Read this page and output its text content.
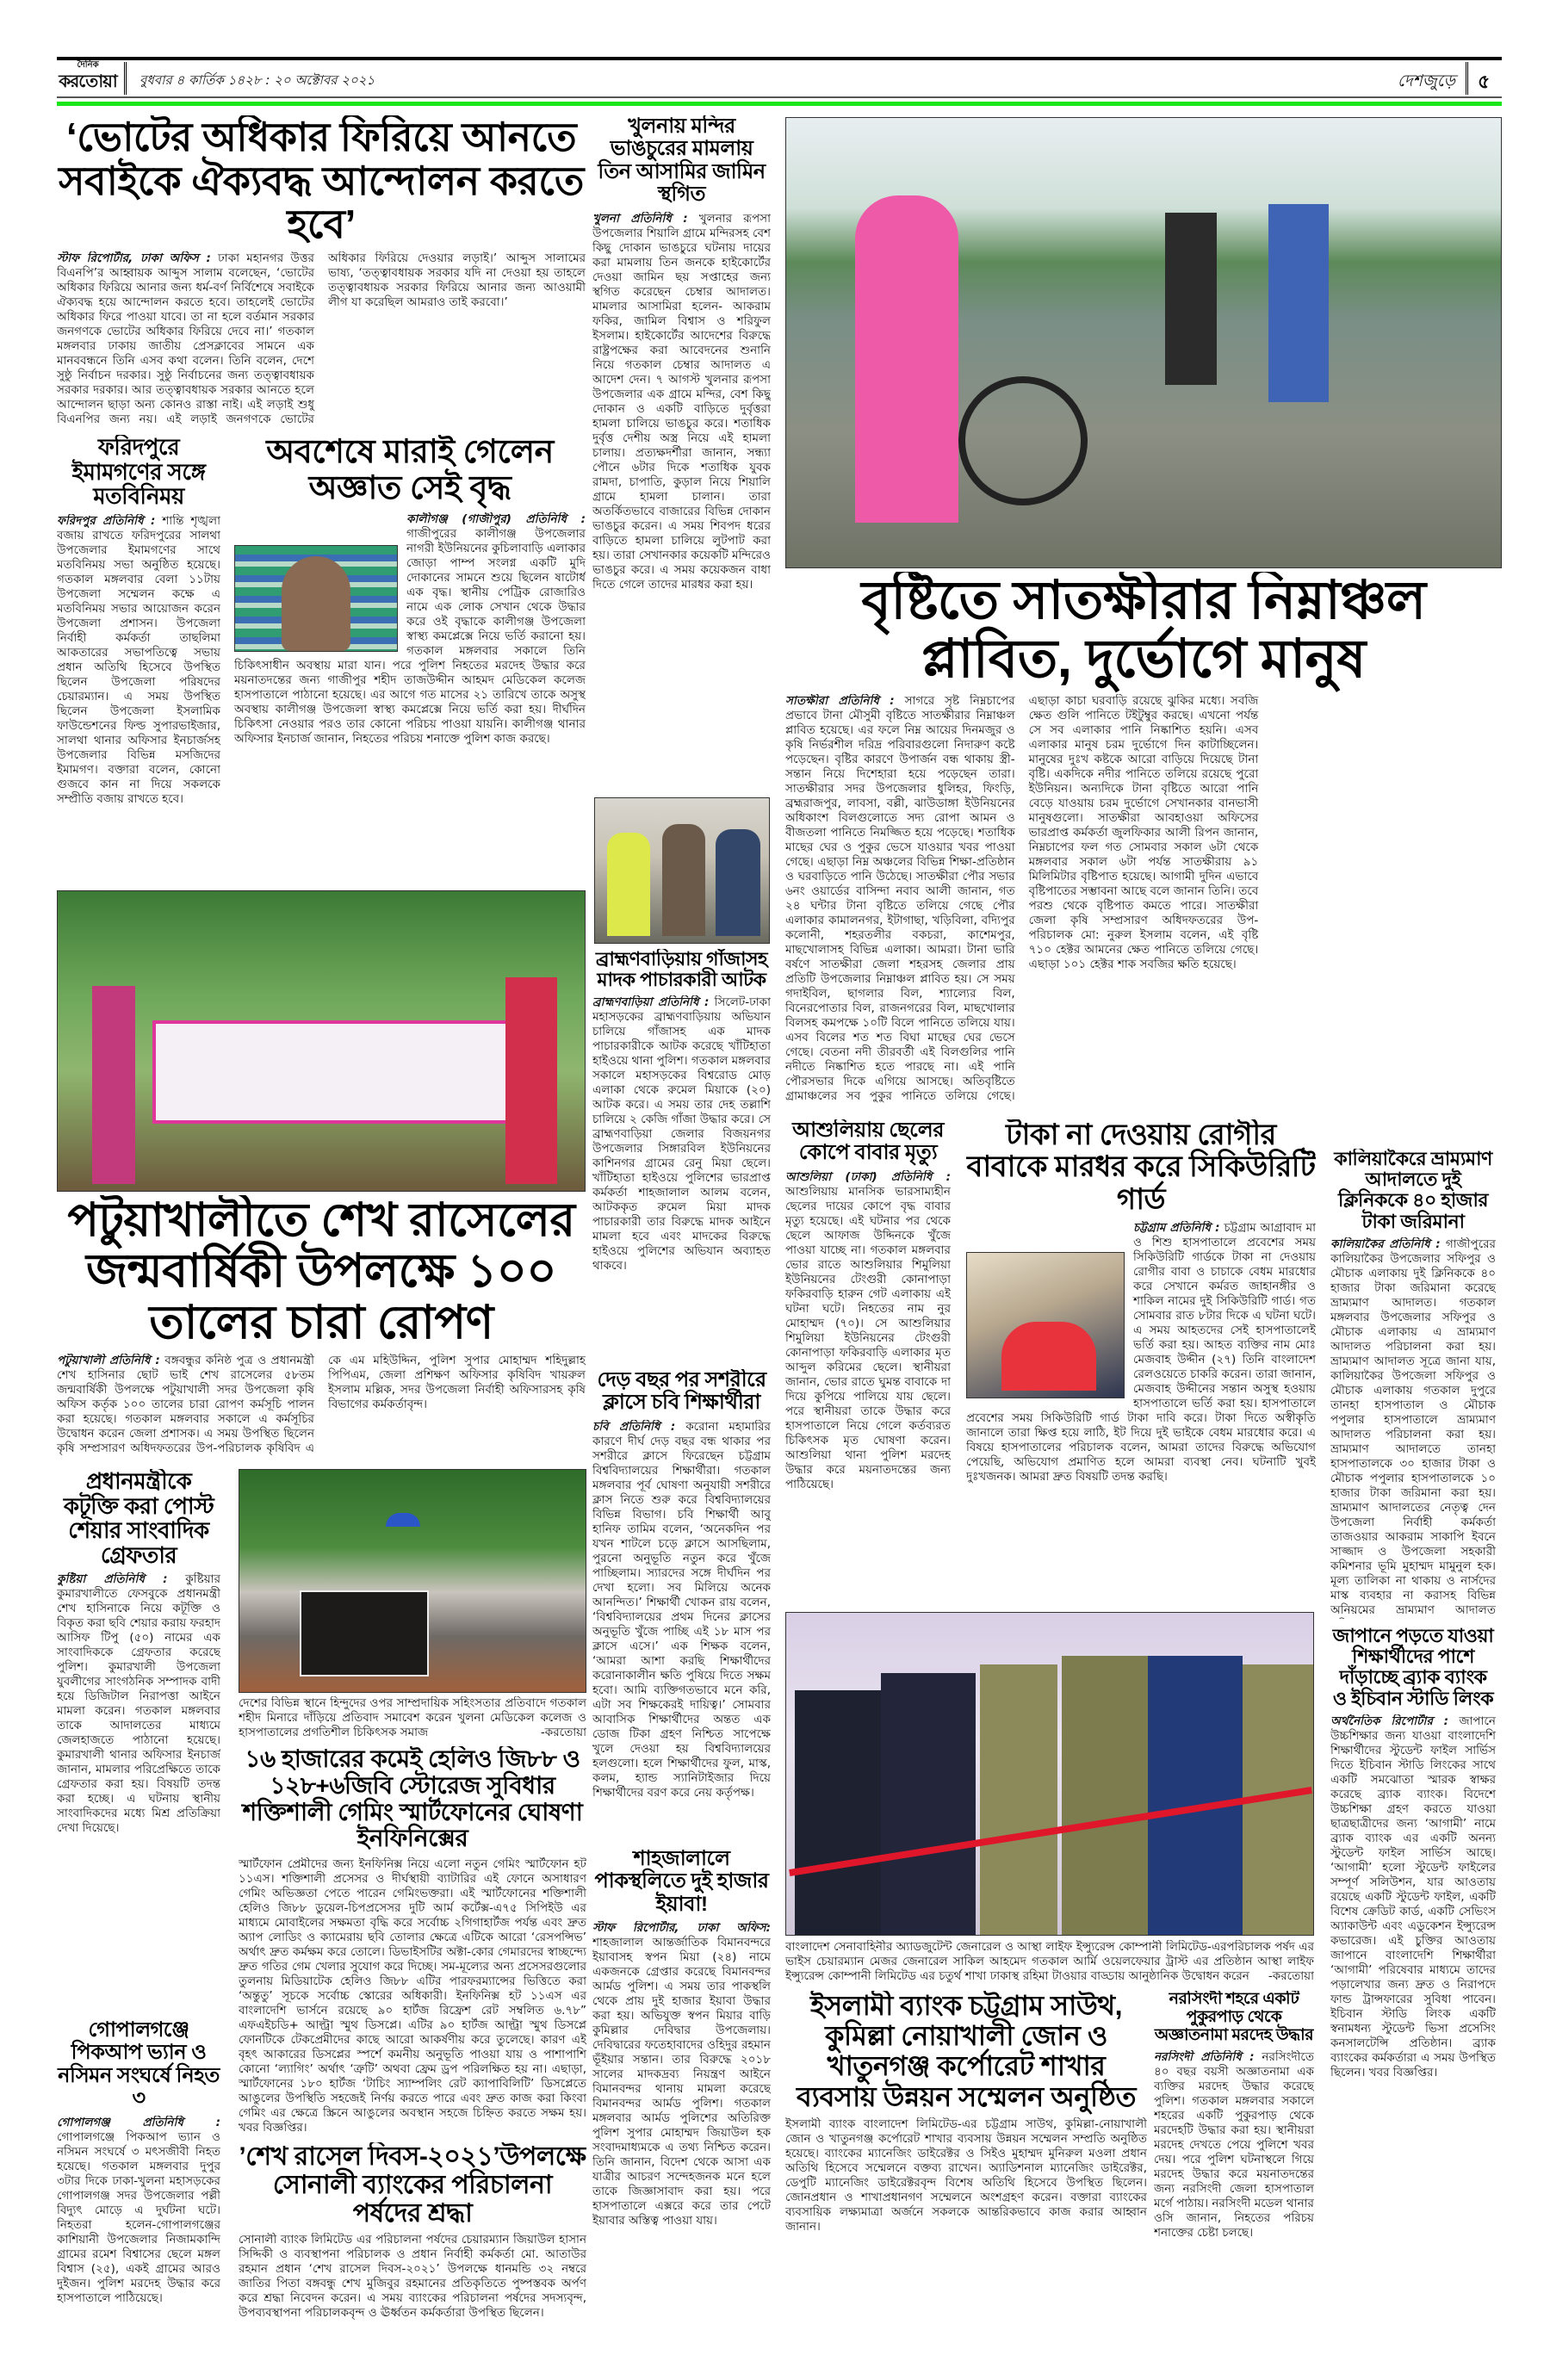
দৈনিক
করতোয়া বুধবার ৪ কার্তিক ১৪২৮ : ২০ অক্টোবর ২০২১	দেশজুড়ে ৫
‘ভোটের অধিকার ফিরিয়ে আনতে সবাইকে ঐক্যবদ্ধ আন্দোলন করতে হবে’
স্টাফ রিপোর্টার, ঢাকা অফিস : ঢাকা মহানগর উত্তর বিএনপি’র আহ্বায়ক আব্দুস সালাম বলেছেন, ‘ভোটের অধিকার ফিরিয়ে আনার জন্য ধর্ম-বর্ণ নির্বিশেষে সবাইকে ঐক্যবদ্ধ হয়ে আন্দোলন করতে হবে। তাহলেই ভোটের অধিকার ফিরে পাওয়া যাবে। তা না হলে বর্তমান সরকার জনগণকে ভোটের অধিকার ফিরিয়ে দেবে না।’ গতকাল মঙ্গলবার ঢাকায় জাতীয় প্রেসক্লাবের সামনে এক মানববন্ধনে তিনি এসব কথা বলেন। তিনি বলেন, দেশে সুষ্ঠু নির্বাচন দরকার। সুষ্ঠু নির্বাচনের জন্য তত্ত্বাবধায়ক সরকার দরকার। আর তত্ত্বাবধায়ক সরকার আনতে হলে আন্দোলন ছাড়া অন্য কোনও রাস্তা নাই। এই লড়াই শুধু বিএনপির জন্য নয়। এই লড়াই জনগণকে ভোটের অধিকার ফিরিয়ে দেওয়ার লড়াই।’ আব্দুস সালামের ভাষ্য, ‘তত্ত্বাবধায়ক সরকার যদি না দেওয়া হয় তাহলে তত্ত্বাবধায়ক সরকার ফিরিয়ে আনার জন্য আওয়ামী লীগ যা করেছিল আমরাও তাই করবো।’
খুলনায় মন্দির ভাঙচুরের মামলায় তিন আসামির জামিন স্থগিত
খুলনা প্রতিনিধি : খুলনার রূপসা উপজেলার শিয়ালি গ্রামে মন্দিরসহ বেশ কিছু দোকান ভাঙচুরে ঘটনায় দায়ের করা মামলায় তিন জনকে হাইকোর্টের দেওয়া জামিন ছয় সপ্তাহের জন্য স্থগিত করেছেন চেম্বার আদালত। মামলার আসামিরা হলেন- আকরাম ফকির, জামিল বিশ্বাস ও শরিফুল ইসলাম। হাইকোর্টের আদেশের বিরুদ্ধে রাষ্ট্রপক্ষের করা আবেদনের শুনানি নিয়ে গতকাল চেম্বার আদালত এ আদেশ দেন। ৭ আগস্ট খুলনার রূপসা উপজেলার এক গ্রামে মন্দির, বেশ কিছু দোকান ও একটি বাড়িতে দুর্বৃত্তরা হামলা চালিয়ে ভাঙচুর করে। শতাধিক দুর্বৃত্ত দেশীয় অস্ত্র নিয়ে এই হামলা চালায়। প্রত্যক্ষদর্শীরা জানান, সন্ধ্যা পৌনে ৬টার দিকে শতাধিক যুবক রামদা, চাপাতি, কুড়াল নিয়ে শিয়ালি গ্রামে হামলা চালান। তারা অতর্কিতভাবে বাজারের বিভিন্ন দোকান ভাঙচুর করেন। এ সময় শিবপদ ধরের বাড়িতে হামলা চালিয়ে লুটপাট করা হয়। তারা সেখানকার কয়েকটি মন্দিরেও ভাঙচুর করে। এ সময় কয়েকজন বাধা দিতে গেলে তাদের মারধর করা হয়।
ফরিদপুরে ইমামগণের সঙ্গে মতবিনিময়
ফরিদপুর প্রতিনিধি : শান্তি শৃঙ্খলা বজায় রাখতে ফরিদপুরের সালথা উপজেলার ইমামগণের সাথে মতবিনিময় সভা অনুষ্ঠিত হয়েছে। গতকাল মঙ্গলবার বেলা ১১টায় উপজেলা সম্মেলন কক্ষে এ মতবিনিময় সভার আয়োজন করেন উপজেলা প্রশাসন। উপজেলা নির্বাহী কর্মকর্তা তাছলিমা আকতারের সভাপতিত্বে সভায় প্রধান অতিথি হিসেবে উপস্থিত ছিলেন উপজেলা পরিষদের চেয়ারম্যান। এ সময় উপস্থিত ছিলেন উপজেলা ইসলামিক ফাউন্ডেশনের ফিল্ড সুপারভাইজার, সালথা থানার অফিসার ইনচার্জসহ উপজেলার বিভিন্ন মসজিদের ইমামগণ। বক্তারা বলেন, কোনো গুজবে কান না দিয়ে সকলকে সম্প্রীতি বজায় রাখতে হবে।
অবশেষে মারাই গেলেন অজ্ঞাত সেই বৃদ্ধ
কালীগঞ্জ (গাজীপুর) প্রতিনিধি : গাজীপুরের কালীগঞ্জ উপজেলার নাগরী ইউনিয়নের কুচিলাবাড়ি এলাকার জোড়া পাম্প সংলগ্ন একটি মুদি দোকানের সামনে শুয়ে ছিলেন ষাটোর্ধ এক বৃদ্ধ। স্থানীয় পেট্রিক রোজারিও নামে এক লোক সেখান থেকে উদ্ধার করে ওই বৃদ্ধাকে কালীগঞ্জ উপজেলা স্বাস্থ্য কমপ্লেক্সে নিয়ে ভর্তি করানো হয়। গতকাল মঙ্গলবার সকালে তিনি চিকিৎসাধীন অবস্থায় মারা যান। পরে পুলিশ নিহতের মরদেহ উদ্ধার করে ময়নাতদন্তের জন্য গাজীপুর শহীদ তাজউদ্দীন আহমদ মেডিকেল কলেজ হাসপাতালে পাঠানো হয়েছে। এর আগে গত মাসের ২১ তারিখে তাকে অসুস্থ অবস্থায় কালীগঞ্জ উপজেলা স্বাস্থ্য কমপ্লেক্সে নিয়ে ভর্তি করা হয়। দীর্ঘদিন চিকিৎসা নেওয়ার পরও তার কোনো পরিচয় পাওয়া যায়নি। কালীগঞ্জ থানার অফিসার ইনচার্জ জানান, নিহতের পরিচয় শনাক্তে পুলিশ কাজ করছে।
বৃষ্টিতে সাতক্ষীরার নিম্নাঞ্চল প্লাবিত, দুর্ভোগে মানুষ
সাতক্ষীরা প্রতিনিধি : সাগরে সৃষ্ট নিম্নচাপের প্রভাবে টানা মৌসুমী বৃষ্টিতে সাতক্ষীরার নিম্নাঞ্চল প্লাবিত হয়েছে। এর ফলে নিম্ন আয়ের দিনমজুর ও কৃষি নির্ভরশীল দরিদ্র পরিবারগুলো নিদারুণ কষ্টে পড়েছেন। বৃষ্টির কারণে উপার্জন বন্ধ থাকায় স্ত্রী-সন্তান নিয়ে দিশেহারা হয়ে পড়েছেন তারা। সাতক্ষীরার সদর উপজেলার ধুলিহর, ফিংড়ি, ব্রহ্মরাজপুর, লাবসা, বল্লী, ঝাউডাঙ্গা ইউনিয়নের অধিকাংশ বিলগুলোতে সদ্য রোপা আমন ও বীজতলা পানিতে নিমজ্জিত হয়ে পড়েছে। শতাধিক মাছের ঘের ও পুকুর ভেসে যাওয়ার খবর পাওয়া গেছে। এছাড়া নিম্ন অঞ্চলের বিভিন্ন শিক্ষা-প্রতিষ্ঠান ও ঘরবাড়িতে পানি উঠেছে। সাতক্ষীরা পৌর সভার ৬নং ওয়ার্ডের বাসিন্দা নবাব আলী জানান, গত ২৪ ঘন্টার টানা বৃষ্টিতে তলিয়ে গেছে পৌর এলাকার কামালনগর, ইটাগাছা, খড়িবিলা, বদ্যিপুর কলোনী, শহরতলীর বকচরা, কাশেমপুর, মাছখোলাসহ বিভিন্ন এলাকা। আমরা। টানা ভারি বর্ষণে সাতক্ষীরা জেলা শহরসহ জেলার প্রায় প্রতিটি উপজেলার নিম্নাঞ্চল প্লাবিত হয়। সে সময় গদাইবিল, ছাগলার বিল, শ্যাল্যের বিল, বিনেরপোতার বিল, রাজনগরের বিল, মাছখোলার বিলসহ কমপক্ষে ১০টি বিলে পানিতে তলিয়ে যায়। এসব বিলের শত শত বিঘা মাছের ঘের ভেসে গেছে। বেতনা নদী তীরবর্তী এই বিলগুলির পানি নদীতে নিষ্কাশিত হতে পারছে না। এই পানি পৌরসভার দিকে এগিয়ে আসছে। অতিবৃষ্টিতে গ্রামাঞ্চলের সব পুকুর পানিতে তলিয়ে গেছে। এছাড়া কাচা ঘরবাড়ি রয়েছে ঝুকির মধ্যে। সবজি ক্ষেত গুলি পানিতে টইটুম্বুর করছে। এখনো পর্যন্ত সে সব এলাকার পানি নিষ্কাশিত হয়নি। এসব এলাকার মানুষ চরম দুর্ভোগে দিন কাটাচ্ছিলেন। মানুষের দুঃখ কষ্টকে আরো বাড়িয়ে দিয়েছে টানা বৃষ্টি। একদিকে নদীর পানিতে তলিয়ে রয়েছে পুরো ইউনিয়ন। অন্যদিকে টানা বৃষ্টিতে আরো পানি বেড়ে যাওয়ায় চরম দুর্ভোগে সেখানকার বানভাসী মানুষগুলো। সাতক্ষীরা আবহাওয়া অফিসের ভারপ্রাপ্ত কর্মকর্তা জুলফিকার আলী রিপন জানান, নিম্নচাপের ফল গত সোমবার সকাল ৬টা থেকে মঙ্গলবার সকাল ৬টা পর্যন্ত সাতক্ষীরায় ৯১ মিলিমিটার বৃষ্টিপাত হয়েছে। আগামী দুদিন এভাবে বৃষ্টিপাতের সম্ভাবনা আছে বলে জানান তিনি। তবে পরশু থেকে বৃষ্টিপাত কমতে পারে। সাতক্ষীরা জেলা কৃষি সম্প্রসারণ অধিদফতরের উপ-পরিচালক মো: নুরুল ইসলাম বলেন, এই বৃষ্টি ৭১০ হেক্টর আমনের ক্ষেত পানিতে তলিয়ে গেছে। এছাড়া ১০১ হেক্টর শাক সবজির ক্ষতি হয়েছে।
ব্রাহ্মণবাড়িয়ায় গাঁজাসহ মাদক পাচারকারী আটক
ব্রাহ্মণবাড়িয়া প্রতিনিধি : সিলেট-ঢাকা মহাসড়কের ব্রাহ্মণবাড়িয়ায় অভিযান চালিয়ে গাঁজাসহ এক মাদক পাচারকারীকে আটক করেছে খাঁটিহাতা হাইওয়ে থানা পুলিশ। গতকাল মঙ্গলবার সকালে মহাসড়কের বিশ্বরোড মোড় এলাকা থেকে রুমেল মিয়াকে (২০) আটক করে। এ সময় তার দেহ তল্লাশি চালিয়ে ২ কেজি গাঁজা উদ্ধার করে। সে ব্রাহ্মণবাড়িয়া জেলার বিজয়নগর উপজেলার সিঙ্গারবিল ইউনিয়নের কাশিনগর গ্রামের রেনু মিয়া ছেলে। খাঁটিহাতা হাইওয়ে পুলিশের ভারপ্রাপ্ত কর্মকর্তা শাহজালাল আলম বলেন, আটককৃত রুমেল মিয়া মাদক পাচারকারী তার বিরুদ্ধে মাদক আইনে মামলা হবে এবং মাদকের বিরুদ্ধে হাইওয়ে পুলিশের অভিযান অব্যাহত থাকবে।
পটুয়াখালীতে শেখ রাসেলের জন্মবার্ষিকী উপলক্ষে ১০০ তালের চারা রোপণ
পটুয়াখালী প্রতিনিধি : বঙ্গবন্ধুর কনিষ্ঠ পুত্র ও প্রধানমন্ত্রী শেখ হাসিনার ছোট ভাই শেখ রাসেলের ৫৮তম জন্মবার্ষিকী উপলক্ষে পটুয়াখালী সদর উপজেলা কৃষি অফিস কর্তৃক ১০০ তালের চারা রোপণ কর্মসূচি পালন করা হয়েছে। গতকাল মঙ্গলবার সকালে এ কর্মসূচির উদ্বোধন করেন জেলা প্রশাসক। এ সময় উপস্থিত ছিলেন কৃষি সম্প্রসারণ অধিদফতরের উপ-পরিচালক কৃষিবিদ এ কে এম মহিউদ্দিন, পুলিশ সুপার মোহাম্মদ শহিদুল্লাহ পিপিএম, জেলা প্রশিক্ষণ অফিসার কৃষিবিদ খায়রুল ইসলাম মল্লিক, সদর উপজেলা নির্বাহী অফিসারসহ কৃষি বিভাগের কর্মকর্তাবৃন্দ।
দেড় বছর পর সশরীরে ক্লাসে চবি শিক্ষার্থীরা
চবি প্রতিনিধি : করোনা মহামারির কারণে দীর্ঘ দেড় বছর বন্ধ থাকার পর সশরীরে ক্লাসে ফিরেছেন চট্টগ্রাম বিশ্ববিদ্যালয়ের শিক্ষার্থীরা। গতকাল মঙ্গলবার পূর্ব ঘোষণা অনুযায়ী সশরীরে ক্লাস নিতে শুরু করে বিশ্ববিদ্যালয়ের বিভিন্ন বিভাগ। চবি শিক্ষার্থী আবু হানিফ তামিম বলেন, ‘অনেকদিন পর যখন শাটলে চড়ে ক্লাসে আসছিলাম, পুরনো অনুভূতি নতুন করে খুঁজে পাচ্ছিলাম। স্যারদের সঙ্গে দীর্ঘদিন পর দেখা হলো। সব মিলিয়ে অনেক আনন্দিত।’ শিক্ষার্থী খোকন রায় বলেন, ‘বিশ্ববিদ্যালয়ের প্রথম দিনের ক্লাসের অনুভূতি খুঁজে পাচ্ছি এই ১৮ মাস পর ক্লাসে এসে।’ এক শিক্ষক বলেন, ‘আমরা আশা করছি শিক্ষার্থীদের করোনাকালীন ক্ষতি পুষিয়ে দিতে সক্ষম হবো। আমি ব্যক্তিগতভাবে মনে করি, এটা সব শিক্ষকেরই দায়িত্ব।’ সোমবার আবাসিক শিক্ষার্থীদের অন্তত এক ডোজ টিকা গ্রহণ নিশ্চিত সাপেক্ষে খুলে দেওয়া হয় বিশ্ববিদ্যালয়ের হলগুলো। হলে শিক্ষার্থীদের ফুল, মাস্ক, কলম, হ্যান্ড স্যানিটাইজার দিয়ে শিক্ষার্থীদের বরণ করে নেয় কর্তৃপক্ষ।
শাহজালালে পাকস্থলিতে দুই হাজার ইয়াবা!
স্টাফ রিপোর্টার, ঢাকা অফিস: শাহজালাল আন্তর্জাতিক বিমানবন্দরে ইয়াবাসহ স্বপন মিয়া (২৪) নামে একজনকে গ্রেপ্তার করেছে বিমানবন্দর আর্মড পুলিশ। এ সময় তার পাকস্থলি থেকে প্রায় দুই হাজার ইয়াবা উদ্ধার করা হয়। অভিযুক্ত স্বপন মিয়ার বাড়ি কুমিল্লার দেবিদ্বার উপজেলায়। দেবিদ্বারের ফতেহাবাদের ওহিদুর রহমান ভূঁইয়ার সন্তান। তার বিরুদ্ধে ২০১৮ সালের মাদকদ্রব্য নিয়ন্ত্রণ আইনে বিমানবন্দর থানায় মামলা করেছে বিমানবন্দর আর্মড পুলিশ। গতকাল মঙ্গলবার আর্মড পুলিশের অতিরিক্ত পুলিশ সুপার মোহাম্মদ জিয়াউল হক সংবাদমাধ্যমকে এ তথ্য নিশ্চিত করেন। তিনি জানান, বিদেশ থেকে আসা এক যাত্রীর আচরণ সন্দেহজনক মনে হলে তাকে জিজ্ঞাসাবাদ করা হয়। পরে হাসপাতালে এক্সরে করে তার পেটে ইয়াবার অস্তিত্ব পাওয়া যায়।
প্রধানমন্ত্রীকে কটূক্তি করা পোস্ট শেয়ার সাংবাদিক গ্রেফতার
কুষ্টিয়া প্রতিনিধি : কুষ্টিয়ার কুমারখালীতে ফেসবুকে প্রধানমন্ত্রী শেখ হাসিনাকে নিয়ে কটূক্তি ও বিকৃত করা ছবি শেয়ার করায় ফরহাদ আসিফ টিপু (৫০) নামের এক সাংবাদিককে গ্রেফতার করেছে পুলিশ। কুমারখালী উপজেলা যুবলীগের সাংগঠনিক সম্পাদক বাদী হয়ে ডিজিটাল নিরাপত্তা আইনে মামলা করেন। গতকাল মঙ্গলবার তাকে আদালতের মাধ্যমে জেলহাজতে পাঠানো হয়েছে। কুমারখালী থানার অফিসার ইনচার্জ জানান, মামলার পরিপ্রেক্ষিতে তাকে গ্রেফতার করা হয়। বিষয়টি তদন্ত করা হচ্ছে। এ ঘটনায় স্থানীয় সাংবাদিকদের মধ্যে মিশ্র প্রতিক্রিয়া দেখা দিয়েছে।
গোপালগঞ্জে পিকআপ ভ্যান ও নসিমন সংঘর্ষে নিহত ৩
গোপালগঞ্জ প্রতিনিধি : গোপালগঞ্জে পিকআপ ভ্যান ও নসিমন সংঘর্ষে ৩ মৎসজীবী নিহত হয়েছে। গতকাল মঙ্গলবার দুপুর ৩টার দিকে ঢাকা-খুলনা মহাসড়কের গোপালগঞ্জ সদর উপজেলার পল্লী বিদ্যুৎ মোড়ে এ দুর্ঘটনা ঘটে। নিহতরা হলেন-গোপালগঞ্জের কাশিয়ানী উপজেলার নিজামকান্দি গ্রামের রমেশ বিশ্বাসের ছেলে মঙ্গল বিশ্বাস (২৫), একই গ্রামের আরও দুইজন। পুলিশ মরদেহ উদ্ধার করে হাসপাতালে পাঠিয়েছে।
দেশের বিভিন্ন স্থানে হিন্দুদের ওপর সাম্প্রদায়িক সহিংসতার প্রতিবাদে গতকাল শহীদ মিনারে দাঁড়িয়ে প্রতিবাদ সমাবেশ করেন খুলনা মেডিকেল কলেজ ও হাসপাতালের প্রগতিশীল চিকিৎসক সমাজ	-করতোয়া
১৬ হাজারের কমেই হেলিও জি৮৮ ও ১২৮+৬জিবি স্টোরেজ সুবিধার শক্তিশালী গেমিং স্মার্টফোনের ঘোষণা ইনফিনিক্সের
স্মার্টফোন প্রেমীদের জন্য ইনফিনিক্স নিয়ে এলো নতুন গেমিং স্মার্টফোন হট ১১এস। শক্তিশালী প্রসেসর ও দীর্ঘস্থায়ী ব্যাটারির এই ফোনে অসাধারণ গেমিং অভিজ্ঞতা পেতে পারেন গেমিংভক্তরা। এই স্মার্টফোনের শক্তিশালী হেলিও জি৮৮ ডুয়েল-চিপপ্রসেসর দুটি আর্ম কর্টেক্স-এ৭৫ সিপিইউ এর মাধ্যমে মোবাইলের সক্ষমতা বৃদ্ধি করে সর্বোচ্চ ২গিগাহার্টজ পর্যন্ত এবং দ্রুত অ্যাপ লোডিং ও ক্যামেরায় ছবি তোলার ক্ষেত্রে এটিকে আরো ‘রেসপন্সিভ’ অর্থাৎ দ্রুত কর্মক্ষম করে তোলে। ডিভাইসটির অক্টা-কোর গেমারদের স্বাচ্ছন্দ্যে দ্রুত গতির গেম খেলার সুযোগ করে দিচ্ছে। সম-মূল্যের অন্য প্রসেসরগুলোর তুলনায় মিডিয়াটেক হেলিও জি৮৮ এটির পারফরম্যান্সের ভিত্তিতে করা ‘অন্তুতু’ সূচকে সর্বোচ্চ স্কোরের অধিকারী। ইনফিনিক্স হট ১১এস এর বাংলাদেশি ভার্সনে রয়েছে ৯০ হার্টজ রিফ্রেশ রেট সম্বলিত ৬.৭৮” এফএইচডি+ আল্ট্রা স্মুথ ডিসপ্লে। এটির ৯০ হার্টজ আল্ট্রা স্মুথ ডিসপ্লে ফোনটিকে টেকপ্রেমীদের কাছে আরো আকর্ষণীয় করে তুলেছে। কারণ এই বৃহৎ আকারের ডিসপ্লের স্পর্শে কমনীয় অনুভূতি পাওয়া যায় ও পাশাপাশি কোনো ‘ল্যাগিং’ অর্থাৎ ‘ত্রুটি’ অথবা ফ্রেম ড্রপ পরিলক্ষিত হয় না। এছাড়া, স্মার্টফোনের ১৮০ হার্টজ ‘টাচিং স্যাম্পলিং রেট ক্যাপাবিলিটি’ ডিসপ্লেতে আঙুলের উপস্থিতি সহজেই নির্ণয় করতে পারে এবং দ্রুত কাজ করা কিংবা গেমিং এর ক্ষেত্রে স্ক্রিনে আঙুলের অবস্থান সহজে চিহ্নিত করতে সক্ষম হয়। খবর বিজ্ঞপ্তির।
’শেখ রাসেল দিবস-২০২১’উপলক্ষে সোনালী ব্যাংকের পরিচালনা পর্ষদের শ্রদ্ধা
সোনালী ব্যাংক লিমিটেড এর পরিচালনা পর্ষদের চেয়ারম্যান জিয়াউল হাসান সিদ্দিকী ও ব্যবস্থাপনা পরিচালক ও প্রধান নির্বাহী কর্মকর্তা মো. আতাউর রহমান প্রধান ‘শেখ রাসেল দিবস-২০২১’ উপলক্ষে ধানমন্ডি ৩২ নম্বরে জাতির পিতা বঙ্গবন্ধু শেখ মুজিবুর রহমানের প্রতিকৃতিতে পুষ্পস্তবক অর্পণ করে শ্রদ্ধা নিবেদন করেন। এ সময় ব্যাংকের পরিচালনা পর্ষদের সদস্যবৃন্দ, উপব্যবস্থাপনা পরিচালকবৃন্দ ও ঊর্ধ্বতন কর্মকর্তারা উপস্থিত ছিলেন।
আশুলিয়ায় ছেলের কোপে বাবার মৃত্যু
আশুলিয়া (ঢাকা) প্রতিনিধি : আশুলিয়ায় মানসিক ভারসাম্যহীন ছেলের দায়ের কোপে বৃদ্ধ বাবার মৃত্যু হয়েছে। এই ঘটনার পর থেকে ছেলে আফাজ উদ্দিনকে খুঁজে পাওয়া যাচ্ছে না। গতকাল মঙ্গলবার ভোর রাতে আশুলিয়ার শিমুলিয়া ইউনিয়নের টেংগুরী কোনাপাড়া ফকিরবাড়ি হারুন গেট এলাকায় এই ঘটনা ঘটে। নিহতের নাম নুর মোহাম্মদ (৭০)। সে আশুলিয়ার শিমুলিয়া ইউনিয়নের টেংগুরী কোনাপাড়া ফকিরবাড়ি এলাকার মৃত আব্দুল করিমের ছেলে। স্থানীয়রা জানান, ভোর রাতে ঘুমন্ত বাবাকে দা দিয়ে কুপিয়ে পালিয়ে যায় ছেলে। পরে স্থানীয়রা তাকে উদ্ধার করে হাসপাতালে নিয়ে গেলে কর্তব্যরত চিকিৎসক মৃত ঘোষণা করেন। আশুলিয়া থানা পুলিশ মরদেহ উদ্ধার করে ময়নাতদন্তের জন্য পাঠিয়েছে।
টাকা না দেওয়ায় রোগীর বাবাকে মারধর করে সিকিউরিটি গার্ড
চট্টগ্রাম প্রতিনিধি : চট্টগ্রাম আগ্রাবাদ মা ও শিশু হাসপাতালে প্রবেশের সময় সিকিউরিটি গার্ডকে টাকা না দেওয়ায় রোগীর বাবা ও চাচাকে বেধম মারধোর করে সেখানে কর্মরত জাহানঙ্গীর ও শাকিল নামের দুই সিকিউরিটি গার্ড। গত সোমবার রাত ৮টার দিকে এ ঘটনা ঘটে। এ সময় আহতদের সেই হাসপাতালেই ভর্তি করা হয়। আহত ব্যক্তির নাম মোঃ মেজবাহ উদ্দীন (২৭) তিনি বাংলাদেশ রেলওয়েতে চাকরি করেন। তারা জানান, মেজবাহ উদ্দীনের সন্তান অসুস্থ হওয়ায় হাসপাতালে ভর্তি করা হয়। হাসপাতালে প্রবেশের সময় সিকিউরিটি গার্ড টাকা দাবি করে। টাকা দিতে অস্বীকৃতি জানালে তারা ক্ষিপ্ত হয়ে লাঠি, ইট দিয়ে দুই ভাইকে বেধম মারধোর করে। এ বিষয়ে হাসপাতালের পরিচালক বলেন, আমরা তাদের বিরুদ্ধে অভিযোগ পেয়েছি, অভিযোগ প্রমাণিত হলে আমরা ব্যবস্থা নেব। ঘটনাটি খুবই দুঃখজনক। আমরা দ্রুত বিষয়টি তদন্ত করছি।
কালিয়াকৈরে ভ্রাম্যমাণ আদালতে দুই ক্লিনিককে ৪০ হাজার টাকা জরিমানা
কালিয়াকৈর প্রতিনিধি : গাজীপুরের কালিয়াকৈর উপজেলার সফিপুর ও মৌচাক এলাকায় দুই ক্লিনিককে ৪০ হাজার টাকা জরিমানা করেছে ভ্রাম্যমাণ আদালত। গতকাল মঙ্গলবার উপজেলার সফিপুর ও মৌচাক এলাকায় এ ভ্রাম্যমাণ আদালত পরিচালনা করা হয়। ভ্রাম্যমাণ আদালত সূত্রে জানা যায়, কালিয়াকৈর উপজেলা সফিপুর ও মৌচাক এলাকায় গতকাল দুপুরে তানহা হাসপাতাল ও মৌচাক পপুলার হাসপাতালে ভ্রাম্যমাণ আদালত পরিচালনা করা হয়। ভ্রাম্যমাণ আদালতে তানহা হাসপাতালকে ৩০ হাজার টাকা ও মৌচাক পপুলার হাসপাতালকে ১০ হাজার টাকা জরিমানা করা হয়। ভ্রাম্যমাণ আদালতের নেতৃত্ব দেন উপজেলা নির্বাহী কর্মকর্তা তাজওয়ার আকরাম সাকাপি ইবনে সাজ্জাদ ও উপজেলা সহকারী কমিশনার ভূমি মুহাম্মদ মামুনুল হক। মূল্য তালিকা না থাকায় ও নার্সদের মাস্ক ব্যবহার না করাসহ বিভিন্ন অনিয়মের ভ্রাম্যমাণ আদালত
জাপানে পড়তে যাওয়া শিক্ষার্থীদের পাশে দাঁড়াচ্ছে ব্র্যাক ব্যাংক ও ইচিবান স্টাডি লিংক
অর্থনৈতিক রিপোর্টার : জাপানে উচ্চশিক্ষার জন্য যাওয়া বাংলাদেশি শিক্ষার্থীদের স্টুডেন্ট ফাইল সার্ভিস দিতে ইচিবান স্টাডি লিংকের সাথে একটি সমঝোতা স্মারক স্বাক্ষর করেছে ব্র্যাক ব্যাংক। বিদেশে উচ্চশিক্ষা গ্রহণ করতে যাওয়া ছাত্রছাত্রীদের জন্য ‘আগামী’ নামে ব্র্যাক ব্যাংক এর একটি অনন্য স্টুডেন্ট ফাইল সার্ভিস আছে। ‘আগামী’ হলো স্টুডেন্ট ফাইলের সম্পূর্ণ সলিউশন, যার আওতায় রয়েছে একটি স্টুডেন্ট ফাইল, একটি বিশেষ ক্রেডিট কার্ড, একটি সেভিংস অ্যাকাউন্ট এবং এডুকেশন ইন্স্যুরেন্স কভারেজ। এই চুক্তির আওতায় জাপানে বাংলাদেশি শিক্ষার্থীরা ‘আগামী’ পরিষেবার মাধ্যমে তাদের পড়ালেখার জন্য দ্রুত ও নিরাপদে ফান্ড ট্রান্সফারের সুবিধা পাবেন। ইচিবান স্টাডি লিংক একটি স্বনামধন্য স্টুডেন্ট ভিসা প্রসেসিং কনসালটেন্সি প্রতিষ্ঠান। ব্র্যাক ব্যাংকের কর্মকর্তারা এ সময় উপস্থিত ছিলেন। খবর বিজ্ঞপ্তির।
বাংলাদেশ সেনাবাহিনীর অ্যাডজুটেন্ট জেনারেল ও আস্থা লাইফ ইন্স্যুরেন্স কোম্পানী লিমিটেড-এরপরিচালক পর্ষদ এর ভাইস চেয়ারম্যান মেজর জেনারেল সাকিল আহমেদ গতকাল আর্মি ওয়েলফেয়ার ট্রাস্ট এর প্রতিষ্ঠান আস্থা লাইফ ইন্স্যুরেন্স কোম্পানী লিমিটেড এর চতুর্থ শাখা ঢাকাস্থ রহিমা টাওয়ার বাড্ডায় আনুষ্ঠানিক উদ্বোধন করেন -করতোয়া
ইসলামী ব্যাংক চট্টগ্রাম সাউথ, কুমিল্লা নোয়াখালী জোন ও খাতুনগঞ্জ কর্পোরেট শাখার ব্যবসায় উন্নয়ন সম্মেলন অনুষ্ঠিত
ইসলামী ব্যাংক বাংলাদেশ লিমিটেড-এর চট্টগ্রাম সাউথ, কুমিল্লা-নোয়াখালী জোন ও খাতুনগঞ্জ কর্পোরেট শাখার ব্যবসায় উন্নয়ন সম্মেলন সম্প্রতি অনুষ্ঠিত হয়েছে। ব্যাংকের ম্যানেজিং ডাইরেক্টর ও সিইও মুহাম্মদ মুনিরুল মওলা প্রধান অতিথি হিসেবে সম্মেলনে বক্তব্য রাখেন। অ্যাডিশনাল ম্যানেজিং ডাইরেক্টর, ডেপুটি ম্যানেজিং ডাইরেক্টরবৃন্দ বিশেষ অতিথি হিসেবে উপস্থিত ছিলেন। জোনপ্রধান ও শাখাপ্রধানগণ সম্মেলনে অংশগ্রহণ করেন। বক্তারা ব্যাংকের ব্যবসায়িক লক্ষ্যমাত্রা অর্জনে সকলকে আন্তরিকভাবে কাজ করার আহ্বান জানান।
নরসিংদী শহরে একটি পুকুরপাড় থেকে অজ্ঞাতনামা মরদেহ উদ্ধার
নরসিংদী প্রতিনিধি : নরসিংদীতে ৪০ বছর বয়সী অজ্ঞাতনামা এক ব্যক্তির মরদেহ উদ্ধার করেছে পুলিশ। গতকাল মঙ্গলবার সকালে শহরের একটি পুকুরপাড় থেকে মরদেহটি উদ্ধার করা হয়। স্থানীয়রা মরদেহ দেখতে পেয়ে পুলিশে খবর দেয়। পরে পুলিশ ঘটনাস্থলে গিয়ে মরদেহ উদ্ধার করে ময়নাতদন্তের জন্য নরসিংদী জেলা হাসপাতাল মর্গে পাঠায়। নরসিংদী মডেল থানার ওসি জানান, নিহতের পরিচয় শনাক্তের চেষ্টা চলছে।
